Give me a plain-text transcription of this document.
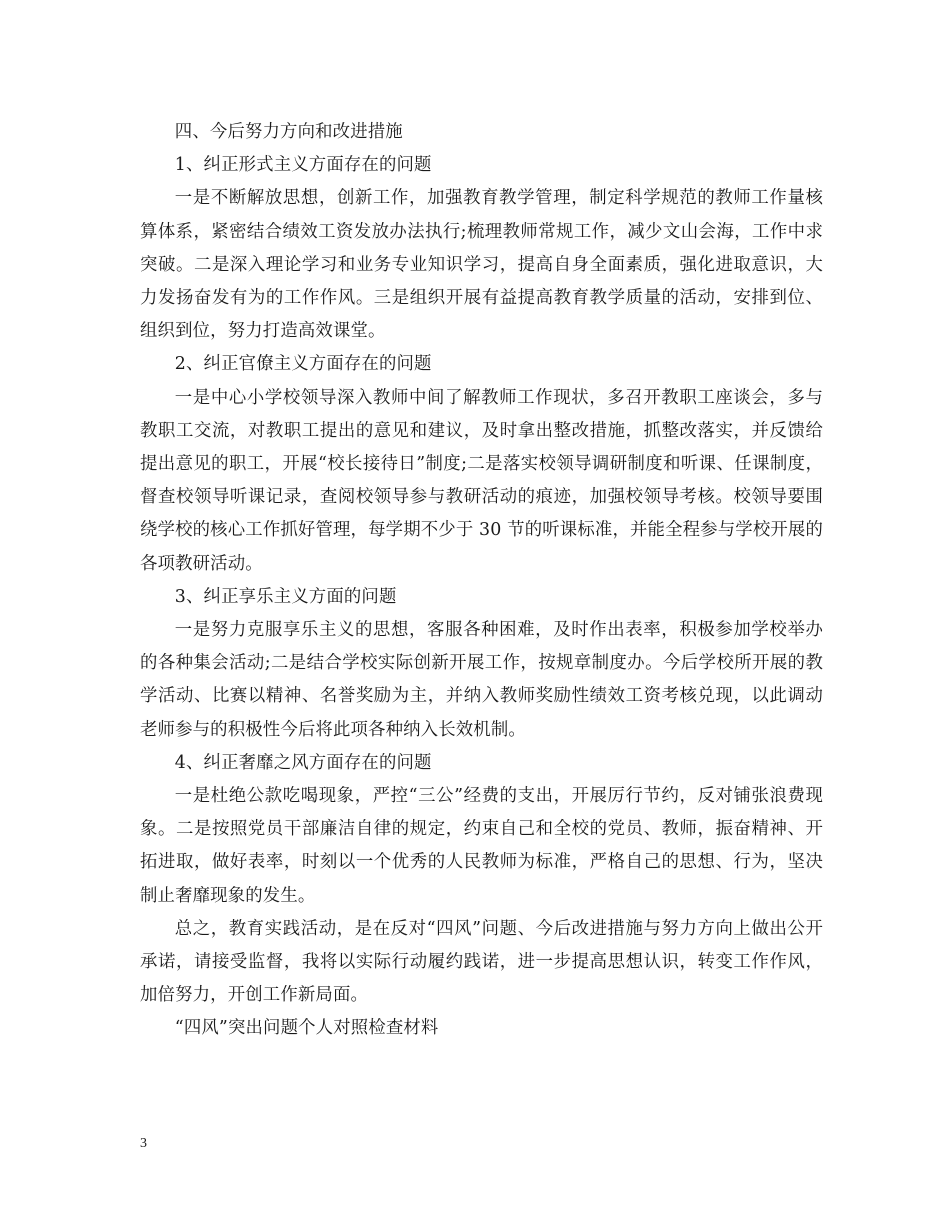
四、今后努力方向和改进措施

1、纠正形式主义方面存在的问题

一是不断解放思想，创新工作，加强教育教学管理，制定科学规范的教师工作量核算体系，紧密结合绩效工资发放办法执行;梳理教师常规工作，减少文山会海，工作中求突破。二是深入理论学习和业务专业知识学习，提高自身全面素质，强化进取意识，大力发扬奋发有为的工作作风。三是组织开展有益提高教育教学质量的活动，安排到位、组织到位，努力打造高效课堂。

2、纠正官僚主义方面存在的问题

一是中心小学校领导深入教师中间了解教师工作现状，多召开教职工座谈会，多与教职工交流，对教职工提出的意见和建议，及时拿出整改措施，抓整改落实，并反馈给提出意见的职工，开展“校长接待日”制度;二是落实校领导调研制度和听课、任课制度，督查校领导听课记录，查阅校领导参与教研活动的痕迹，加强校领导考核。校领导要围绕学校的核心工作抓好管理，每学期不少于 30 节的听课标准，并能全程参与学校开展的各项教研活动。

3、纠正享乐主义方面的问题

一是努力克服享乐主义的思想，客服各种困难，及时作出表率，积极参加学校举办的各种集会活动;二是结合学校实际创新开展工作，按规章制度办。今后学校所开展的教学活动、比赛以精神、名誉奖励为主，并纳入教师奖励性绩效工资考核兑现，以此调动老师参与的积极性今后将此项各种纳入长效机制。

4、纠正奢靡之风方面存在的问题

一是杜绝公款吃喝现象，严控“三公”经费的支出，开展厉行节约，反对铺张浪费现象。二是按照党员干部廉洁自律的规定，约束自己和全校的党员、教师，振奋精神、开拓进取，做好表率，时刻以一个优秀的人民教师为标准，严格自己的思想、行为，坚决制止奢靡现象的发生。

总之，教育实践活动，是在反对“四风”问题、今后改进措施与努力方向上做出公开承诺，请接受监督，我将以实际行动履约践诺，进一步提高思想认识，转变工作作风，加倍努力，开创工作新局面。

“四风”突出问题个人对照检查材料

3
